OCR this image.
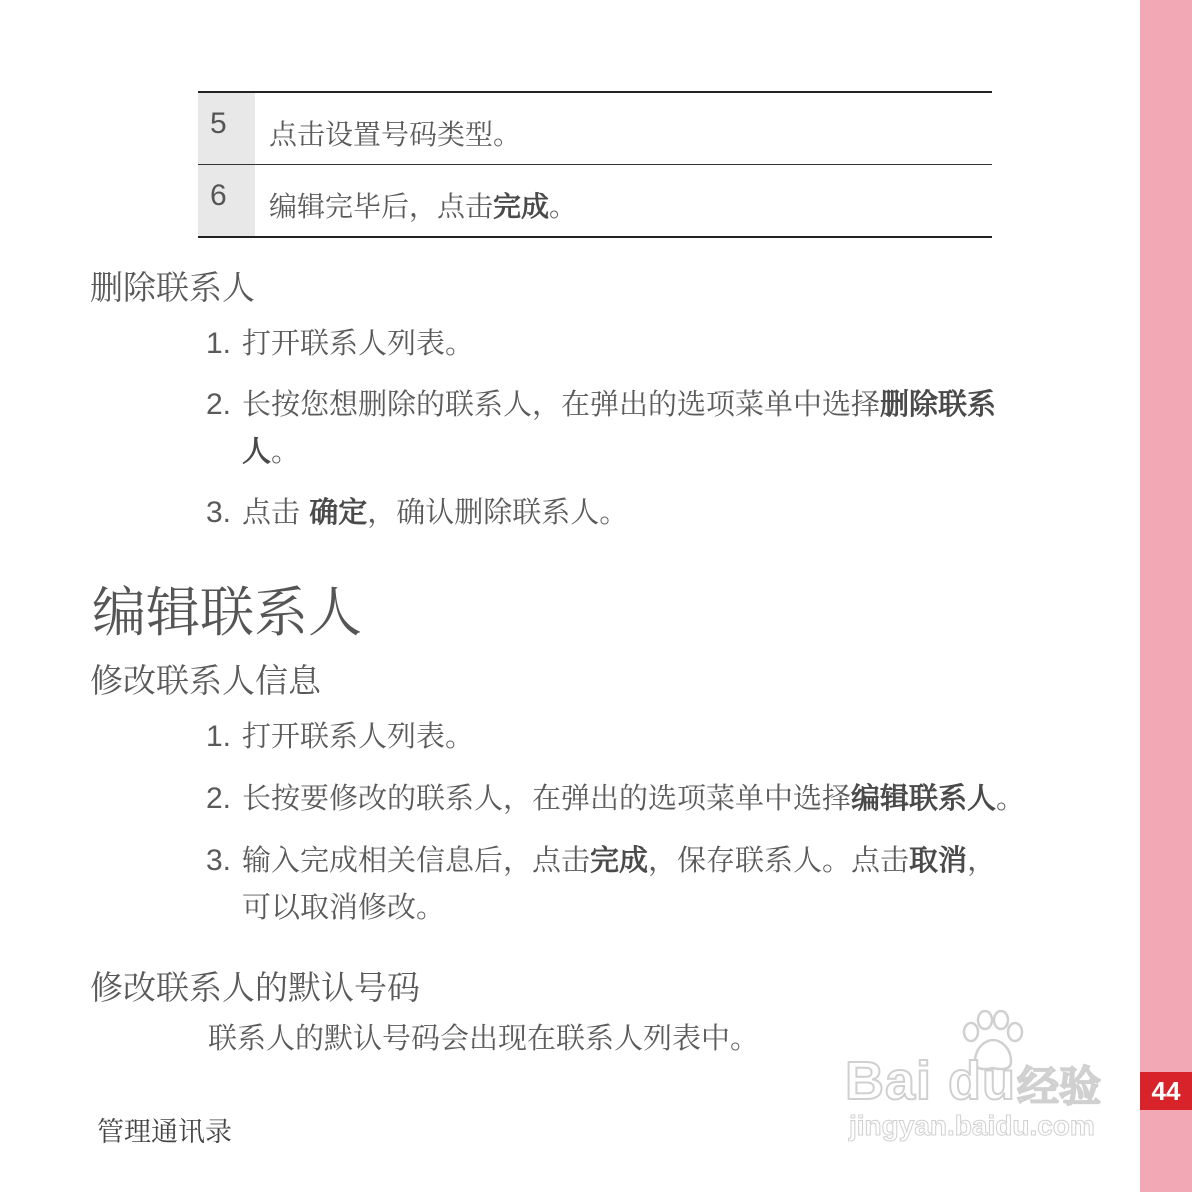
44
5	点击设置号码类型。
6	编辑完毕后，点击完成。
删除联系人
1. 打开联系人列表。
2. 长按您想删除的联系人，在弹出的选项菜单中选择删除联系
人。
3. 点击 确定，确认删除联系人。
编辑联系人
修改联系人信息
1. 打开联系人列表。
2. 长按要修改的联系人，在弹出的选项菜单中选择编辑联系人。
3. 输入完成相关信息后，点击完成，保存联系人。点击取消，
可以取消修改。
修改联系人的默认号码
联系人的默认号码会出现在联系人列表中。
管理通讯录
Bai du 经验
jingyan.baidu.com
